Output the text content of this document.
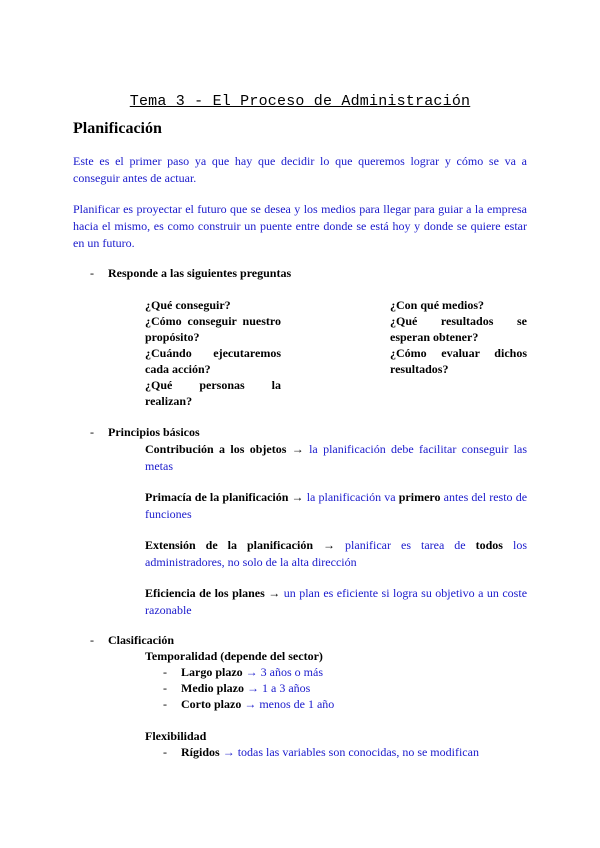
Tema 3 - El Proceso de Administración
Planificación
Este es el primer paso ya que hay que decidir lo que queremos lograr y cómo se va a conseguir antes de actuar.
Planificar es proyectar el futuro que se desea y los medios para llegar para guiar a la empresa hacia el mismo, es como construir un puente entre donde se está hoy y donde se quiere estar en un futuro.
- Responde a las siguientes preguntas
¿Qué conseguir?
¿Cómo conseguir nuestro propósito?
¿Cuándo ejecutaremos cada acción?
¿Qué personas la realizan?
¿Con qué medios?
¿Qué resultados se esperan obtener?
¿Cómo evaluar dichos resultados?
- Principios básicos
Contribución a los objetos → la planificación debe facilitar conseguir las metas
Primacía de la planificación → la planificación va primero antes del resto de funciones
Extensión de la planificación → planificar es tarea de todos los administradores, no solo de la alta dirección
Eficiencia de los planes → un plan es eficiente si logra su objetivo a un coste razonable
- Clasificación
Temporalidad (depende del sector)
- Largo plazo → 3 años o más
- Medio plazo → 1 a 3 años
- Corto plazo → menos de 1 año
Flexibilidad
- Rígidos → todas las variables son conocidas, no se modifican
